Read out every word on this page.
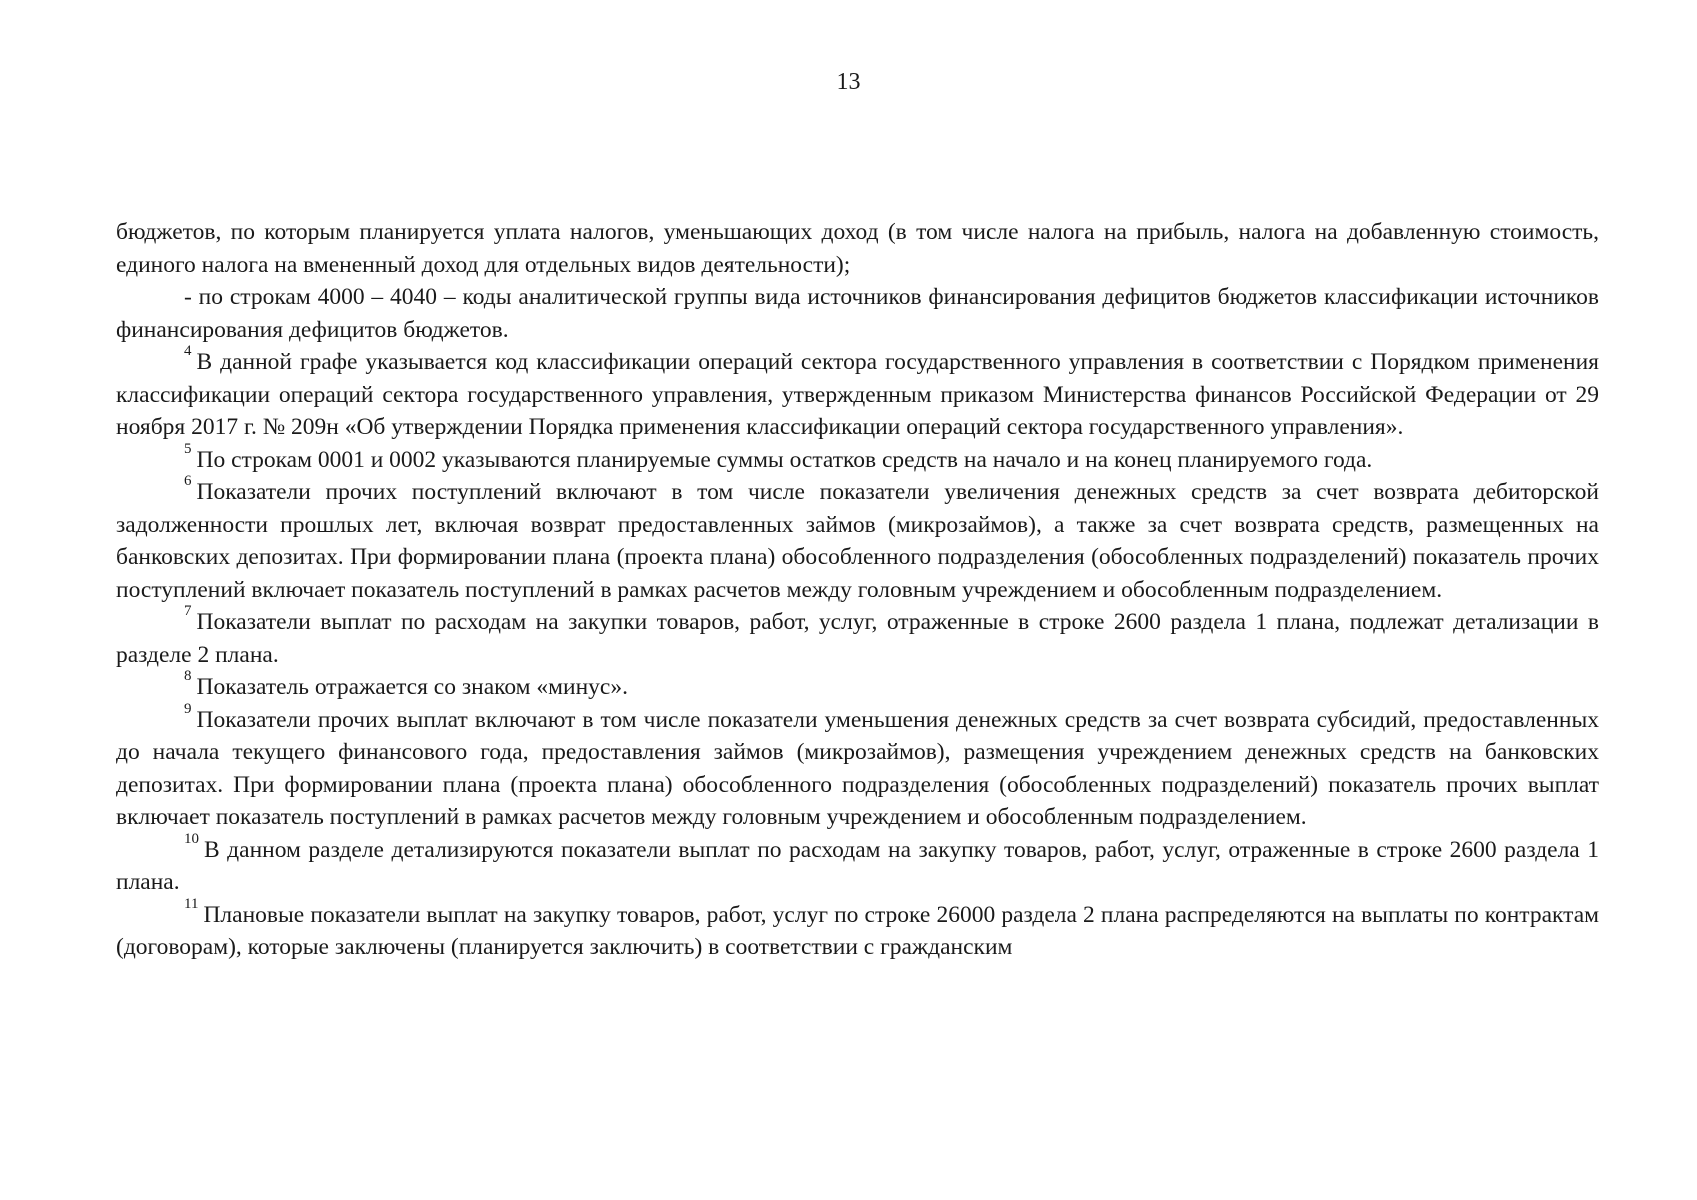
13

бюджетов, по которым планируется уплата налогов, уменьшающих доход (в том числе налога на прибыль, налога на добавленную стоимость, единого налога на вмененный доход для отдельных видов деятельности);

- по строкам 4000 – 4040 – коды аналитической группы вида источников финансирования дефицитов бюджетов классификации источников финансирования дефицитов бюджетов.

$^4$ В данной графе указывается код классификации операций сектора государственного управления в соответствии с Порядком применения классификации операций сектора государственного управления, утвержденным приказом Министерства финансов Российской Федерации от 29 ноября 2017 г. № 209н «Об утверждении Порядка применения классификации операций сектора государственного управления».

$^5$ По строкам 0001 и 0002 указываются планируемые суммы остатков средств на начало и на конец планируемого года.

$^6$ Показатели прочих поступлений включают в том числе показатели увеличения денежных средств за счет возврата дебиторской задолженности прошлых лет, включая возврат предоставленных займов (микрозаймов), а также за счет возврата средств, размещенных на банковских депозитах. При формировании плана (проекта плана) обособленного подразделения (обособленных подразделений) показатель прочих поступлений включает показатель поступлений в рамках расчетов между головным учреждением и обособленным подразделением.

$^7$ Показатели выплат по расходам на закупки товаров, работ, услуг, отраженные в строке 2600 раздела 1 плана, подлежат детализации в разделе 2 плана.

$^8$ Показатель отражается со знаком «минус».

$^9$ Показатели прочих выплат включают в том числе показатели уменьшения денежных средств за счет возврата субсидий, предоставленных до начала текущего финансового года, предоставления займов (микрозаймов), размещения учреждением денежных средств на банковских депозитах. При формировании плана (проекта плана) обособленного подразделения (обособленных подразделений) показатель прочих выплат включает показатель поступлений в рамках расчетов между головным учреждением и обособленным подразделением.

$^{10}$ В данном разделе детализируются показатели выплат по расходам на закупку товаров, работ, услуг, отраженные в строке 2600 раздела 1 плана.

$^{11}$ Плановые показатели выплат на закупку товаров, работ, услуг по строке 26000 раздела 2 плана распределяются на выплаты по контрактам (договорам), которые заключены (планируется заключить) в соответствии с гражданским
